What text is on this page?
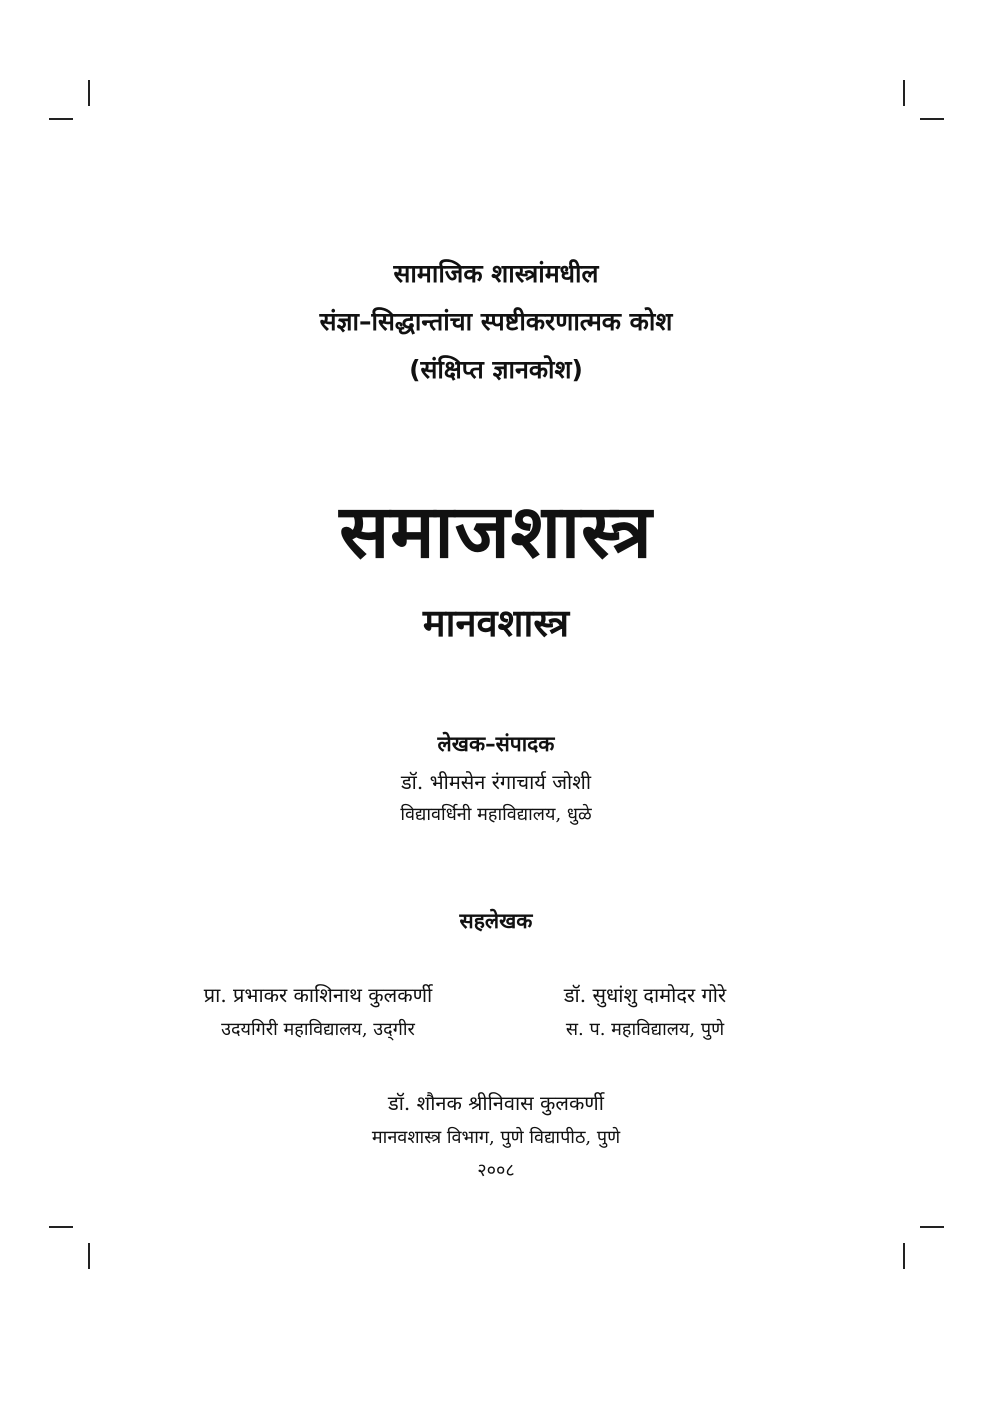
सामाजिक शास्त्रांमधील
संज्ञा–सिद्धान्तांचा स्पष्टीकरणात्मक कोश
(संक्षिप्त ज्ञानकोश)
समाजशास्त्र
मानवशास्त्र
लेखक–संपादक
डॉ. भीमसेन रंगाचार्य जोशी
विद्यावर्धिनी महाविद्यालय, धुळे
सहलेखक
प्रा. प्रभाकर काशिनाथ कुलकर्णी
उदयगिरी महाविद्यालय, उद्‌गीर
डॉ. सुधांशु दामोदर गोरे
स. प. महाविद्यालय, पुणे
डॉ. शौनक श्रीनिवास कुलकर्णी
मानवशास्त्र विभाग, पुणे विद्यापीठ, पुणे
२००८
